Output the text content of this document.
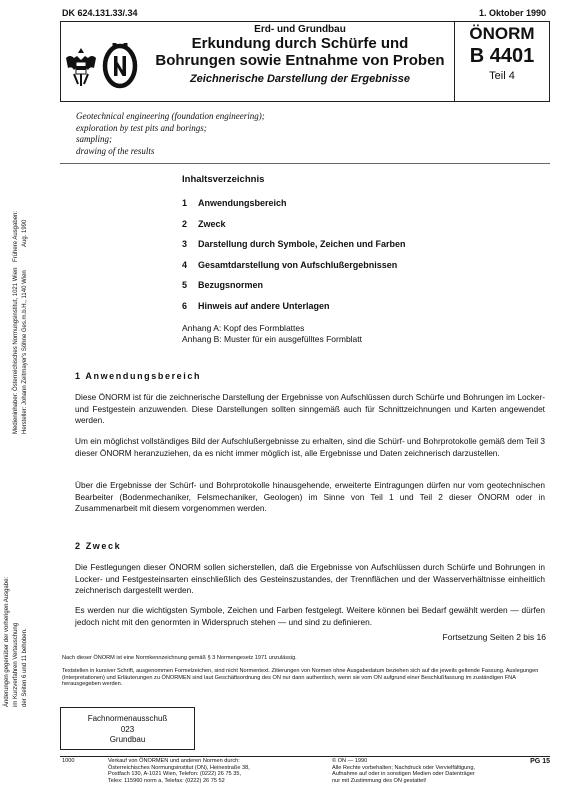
DK 624.131.33/.34	1. Oktober 1990
Erd- und Grundbau
Erkundung durch Schürfe und
Bohrungen sowie Entnahme von Proben
Zeichnerische Darstellung der Ergebnisse
ÖNORM
B 4401
Teil 4
Geotechnical engineering (foundation engineering);
exploration by test pits and borings;
sampling;
drawing of the results
Frühere Ausgaben: Aug. 1990
Medieninhaber: Österreichisches Normungsinstitut, 1021 Wien Hersteller: Johann Zeitmayer's Söhne Ges.m.b.H., 1140 Wien
Änderungen gegenüber der vorherigen Ausgabe: im Kurzverfahren Vertauschung der Seiten 6 und 11 behoben.
Inhaltsverzeichnis
1 Anwendungsbereich
2 Zweck
3 Darstellung durch Symbole, Zeichen und Farben
4 Gesamtdarstellung von Aufschlußergebnissen
5 Bezugsnormen
6 Hinweis auf andere Unterlagen
Anhang A: Kopf des Formblattes
Anhang B: Muster für ein ausgefülltes Formblatt
1 Anwendungsbereich
Diese ÖNORM ist für die zeichnerische Darstellung der Ergebnisse von Aufschlüssen durch Schürfe und Bohrungen im Locker- und Festgestein anzuwenden. Diese Darstellungen sollten sinngemäß auch für Schnittzeichnungen und Karten angewendet werden.
Um ein möglichst vollständiges Bild der Aufschlußergebnisse zu erhalten, sind die Schürf- und Bohrprotokolle gemäß dem Teil 3 dieser ÖNORM heranzuziehen, da es nicht immer möglich ist, alle Ergebnisse und Daten zeichnerisch darzustellen.
Über die Ergebnisse der Schürf- und Bohrprotokolle hinausgehende, erweiterte Eintragungen dürfen nur vom geotechnischen Bearbeiter (Bodenmechaniker, Felsmechaniker, Geologen) im Sinne von Teil 1 und Teil 2 dieser ÖNORM oder in Zusammenarbeit mit diesem vorgenommen werden.
2 Zweck
Die Festlegungen dieser ÖNORM sollen sicherstellen, daß die Ergebnisse von Aufschlüssen durch Schürfe und Bohrungen in Locker- und Festgesteinsarten einschließlich des Gesteinszustandes, der Trennflächen und der Wasserverhältnisse einheitlich zeichnerisch dargestellt werden.
Es werden nur die wichtigsten Symbole, Zeichen und Farben festgelegt. Weitere können bei Bedarf gewählt werden — dürfen jedoch nicht mit den genormten in Widerspruch stehen — und sind zu definieren.
Fortsetzung Seiten 2 bis 16
Nach dieser ÖNORM ist eine Normkennzeichnung gemäß § 3 Normengesetz 1971 unzulässig.
Textstellen in kursiver Schrift, ausgenommen Formelzeichen, sind nicht Normentext. Zitierungen von Normen ohne Ausgabedatum beziehen sich auf die jeweils geltende Fassung. Auslegungen (Interpretationen) und Erläuterungen zu ÖNORMEN sind laut Geschäftsordnung des ON nur dann authentisch, wenn sie vom ON aufgrund einer Beschlußfassung im zuständigen FNA herausgegeben werden.
Fachnormenausschuß
023
Grundbau
1000	Verkauf von ÖNORMEN und anderen Normen durch:
Österreichisches Normungsinstitut (ON), Heinestraße 38,
Postfach 130, A-1021 Wien, Telefon: (0222) 26 75 35,
Telex: 115960 norm a, Telefax: (0222) 26 75 52
© ON — 1990
Alle Rechte vorbehalten; Nachdruck oder Vervielfältigung,
Aufnahme auf oder in sonstigen Medien oder Datenträger
nur mit Zustimmung des ON gestattet!
PG 15
